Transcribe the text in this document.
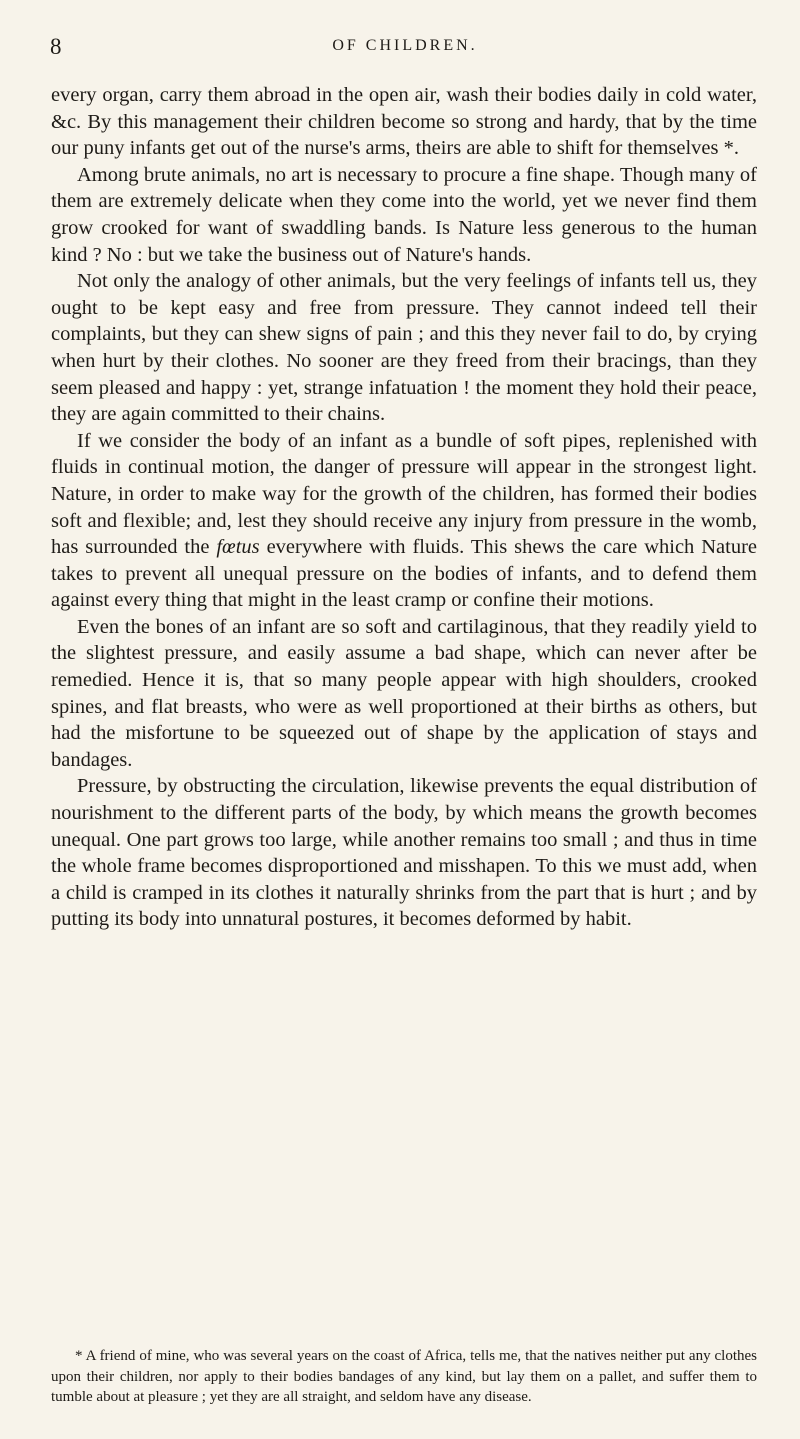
8	OF CHILDREN.

every organ, carry them abroad in the open air, wash their bodies daily in cold water, &c. By this management their children become so strong and hardy, that by the time our puny infants get out of the nurse's arms, theirs are able to shift for themselves *.

Among brute animals, no art is necessary to procure a fine shape. Though many of them are extremely delicate when they come into the world, yet we never find them grow crooked for want of swaddling bands. Is Nature less generous to the human kind ? No : but we take the business out of Nature's hands.

Not only the analogy of other animals, but the very feelings of infants tell us, they ought to be kept easy and free from pressure. They cannot indeed tell their complaints, but they can shew signs of pain ; and this they never fail to do, by crying when hurt by their clothes. No sooner are they freed from their bracings, than they seem pleased and happy : yet, strange infatuation ! the moment they hold their peace, they are again committed to their chains.

If we consider the body of an infant as a bundle of soft pipes, replenished with fluids in continual motion, the danger of pressure will appear in the strongest light. Nature, in order to make way for the growth of the children, has formed their bodies soft and flexible; and, lest they should receive any injury from pressure in the womb, has surrounded the fœtus everywhere with fluids. This shews the care which Nature takes to prevent all unequal pressure on the bodies of infants, and to defend them against every thing that might in the least cramp or confine their motions.

Even the bones of an infant are so soft and cartilaginous, that they readily yield to the slightest pressure, and easily assume a bad shape, which can never after be remedied. Hence it is, that so many people appear with high shoulders, crooked spines, and flat breasts, who were as well proportioned at their births as others, but had the misfortune to be squeezed out of shape by the application of stays and bandages.

Pressure, by obstructing the circulation, likewise prevents the equal distribution of nourishment to the different parts of the body, by which means the growth becomes unequal. One part grows too large, while another remains too small ; and thus in time the whole frame becomes disproportioned and misshapen. To this we must add, when a child is cramped in its clothes it naturally shrinks from the part that is hurt ; and by putting its body into unnatural postures, it becomes deformed by habit.

* A friend of mine, who was several years on the coast of Africa, tells me, that the natives neither put any clothes upon their children, nor apply to their bodies bandages of any kind, but lay them on a pallet, and suffer them to tumble about at pleasure ; yet they are all straight, and seldom have any disease.
